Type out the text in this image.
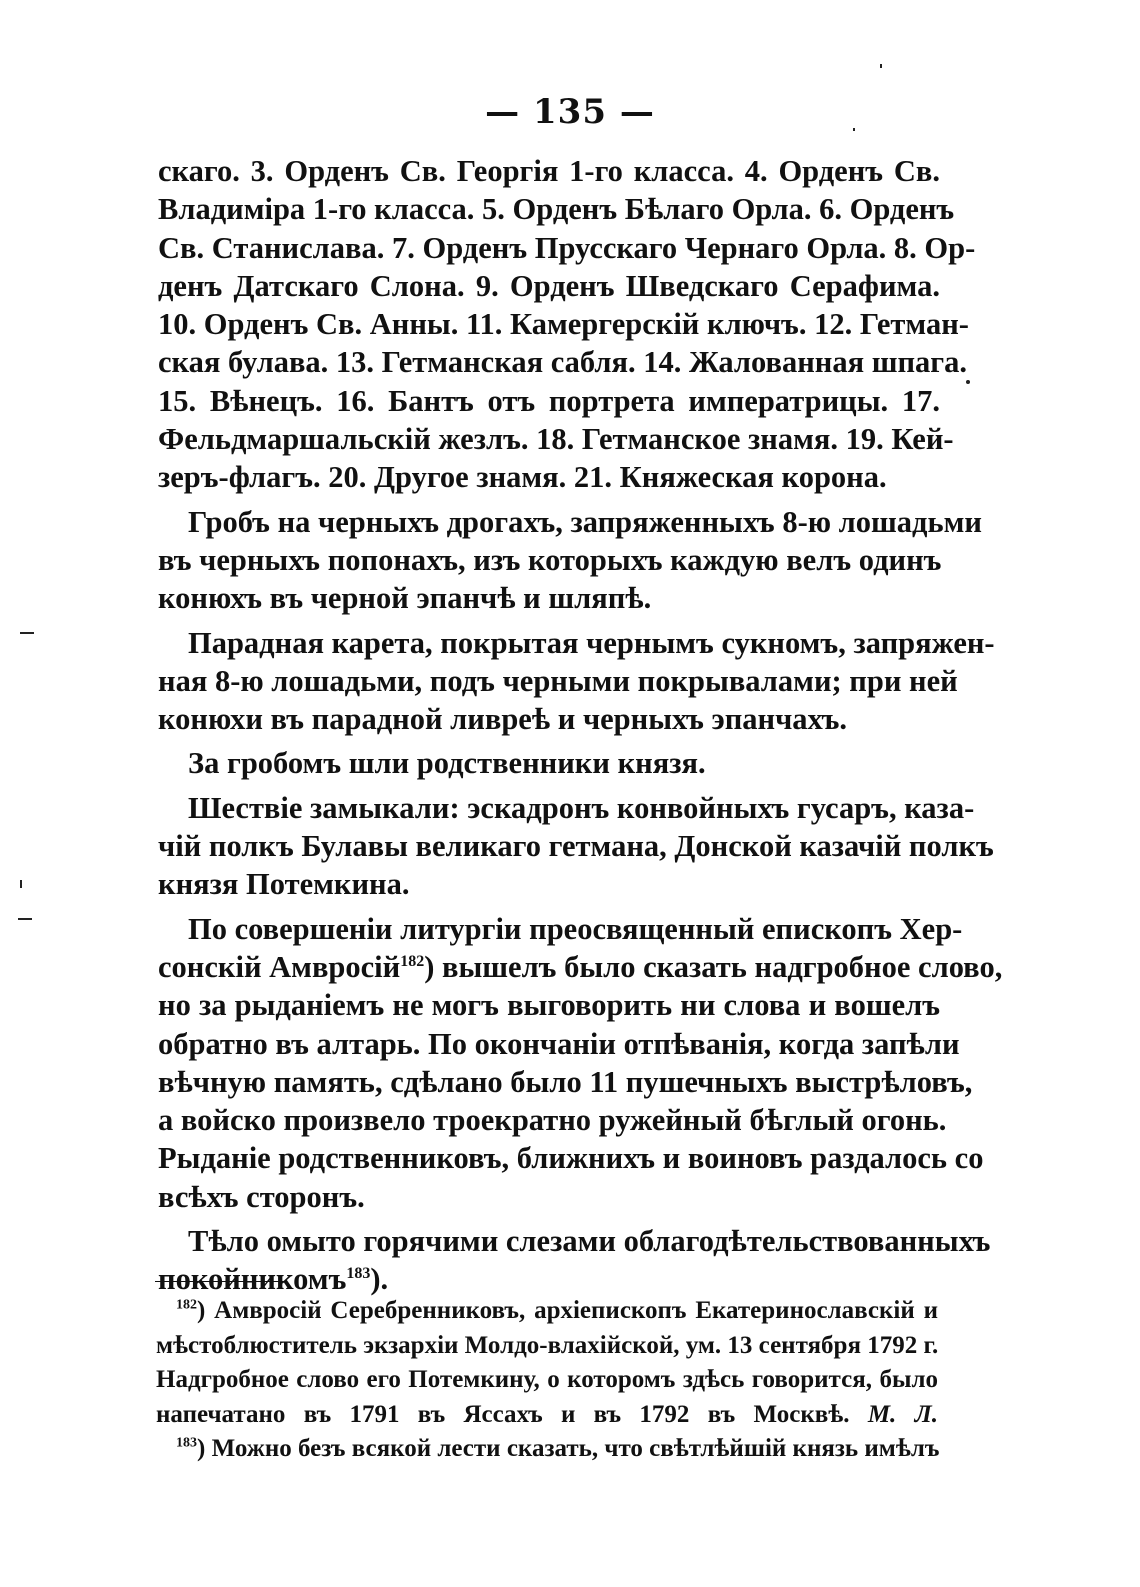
— 135 —
скаго. 3. Орденъ Св. Георгія 1-го класса. 4. Орденъ Св.
Владиміра 1-го класса. 5. Орденъ Бѣлаго Орла. 6. Орденъ
Св. Станислава. 7. Орденъ Прусскаго Чернаго Орла. 8. Ор-
денъ Датскаго Слона. 9. Орденъ Шведскаго Серафима.
10. Орденъ Св. Анны. 11. Камергерскій ключъ. 12. Гетман-
ская булава. 13. Гетманская сабля. 14. Жалованная шпага.
15. Вѣнецъ. 16. Бантъ отъ портрета императрицы. 17.
Фельдмаршальскій жезлъ. 18. Гетманское знамя. 19. Кей-
зеръ-флагъ. 20. Другое знамя. 21. Княжеская корона.
Гробъ на черныхъ дрогахъ, запряженныхъ 8-ю лошадьми
въ черныхъ попонахъ, изъ которыхъ каждую велъ одинъ
конюхъ въ черной эпанчѣ и шляпѣ.
Парадная карета, покрытая чернымъ сукномъ, запряжен-
ная 8-ю лошадьми, подъ черными покрывалами; при ней
конюхи въ парадной ливреѣ и черныхъ эпанчахъ.
За гробомъ шли родственники князя.
Шествіе замыкали: эскадронъ конвойныхъ гусаръ, каза-
чій полкъ Булавы великаго гетмана, Донской казачій полкъ
князя Потемкина.
По совершеніи литургіи преосвященный епископъ Хер-
сонскій Амвросій$^{182}$) вышелъ было сказать надгробное слово,
но за рыданіемъ не могъ выговорить ни слова и вошелъ
обратно въ алтарь. По окончаніи отпѣванія, когда запѣли
вѣчную память, сдѣлано было 11 пушечныхъ выстрѣловъ,
а войско произвело троекратно ружейный бѣглый огонь.
Рыданіе родственниковъ, ближнихъ и воиновъ раздалось со
всѣхъ сторонъ.
Тѣло омыто горячими слезами облагодѣтельствованныхъ
покойникомъ$^{183}$).
$^{182}$) Амвросій Серебренниковъ, архіепископъ Екатеринославскій и
мѣстоблюститель экзархіи Молдо-влахійской, ум. 13 сентября 1792 г.
Надгробное слово его Потемкину, о которомъ здѣсь говорится, было
напечатано въ 1791 въ Яссахъ и въ 1792 въ Москвѣ. М. Л.
$^{183}$) Можно безъ всякой лести сказать, что свѣтлѣйшій князь имѣлъ
